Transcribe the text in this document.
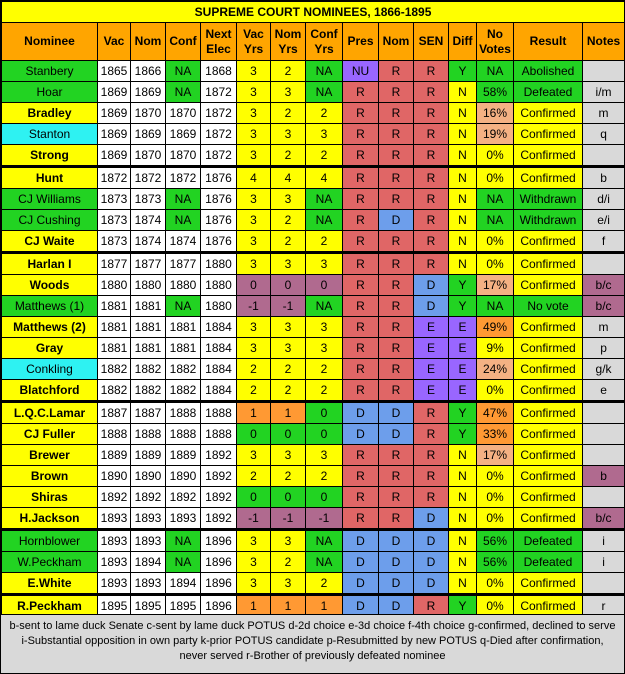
SUPREME COURT NOMINEES, 1866-1895														
Nominee	Vac	Nom	Conf	Next Elec	Vac Yrs	Nom Yrs	Conf Yrs	Pres	Nom	SEN	Diff	No Votes	Result	Notes
Stanbery	1865	1866	NA	1868	3	2	NA	NU	R	R	Y	NA	Abolished	
Hoar	1869	1869	NA	1872	3	3	NA	R	R	R	N	58%	Defeated	i/m
Bradley	1869	1870	1870	1872	3	2	2	R	R	R	N	16%	Confirmed	m
Stanton	1869	1869	1869	1872	3	3	3	R	R	R	N	19%	Confirmed	q
Strong	1869	1870	1870	1872	3	2	2	R	R	R	N	0%	Confirmed	
Hunt	1872	1872	1872	1876	4	4	4	R	R	R	N	0%	Confirmed	b
CJ Williams	1873	1873	NA	1876	3	3	NA	R	R	R	N	NA	Withdrawn	d/i
CJ Cushing	1873	1874	NA	1876	3	2	NA	R	D	R	N	NA	Withdrawn	e/i
CJ Waite	1873	1874	1874	1876	3	2	2	R	R	R	N	0%	Confirmed	f
Harlan I	1877	1877	1877	1880	3	3	3	R	R	R	N	0%	Confirmed	
Woods	1880	1880	1880	1880	0	0	0	R	R	D	Y	17%	Confirmed	b/c
Matthews (1)	1881	1881	NA	1880	-1	-1	NA	R	R	D	Y	NA	No vote	b/c
Matthews (2)	1881	1881	1881	1884	3	3	3	R	R	E	E	49%	Confirmed	m
Gray	1881	1881	1881	1884	3	3	3	R	R	E	E	9%	Confirmed	p
Conkling	1882	1882	1882	1884	2	2	2	R	R	E	E	24%	Confirmed	g/k
Blatchford	1882	1882	1882	1884	2	2	2	R	R	E	E	0%	Confirmed	e
L.Q.C.Lamar	1887	1887	1888	1888	1	1	0	D	D	R	Y	47%	Confirmed	
CJ Fuller	1888	1888	1888	1888	0	0	0	D	D	R	Y	33%	Confirmed	
Brewer	1889	1889	1889	1892	3	3	3	R	R	R	N	17%	Confirmed	
Brown	1890	1890	1890	1892	2	2	2	R	R	R	N	0%	Confirmed	b
Shiras	1892	1892	1892	1892	0	0	0	R	R	R	N	0%	Confirmed	
H.Jackson	1893	1893	1893	1892	-1	-1	-1	R	R	D	N	0%	Confirmed	b/c
Hornblower	1893	1893	NA	1896	3	3	NA	D	D	D	N	56%	Defeated	i
W.Peckham	1893	1894	NA	1896	3	2	NA	D	D	D	N	56%	Defeated	i
E.White	1893	1893	1894	1896	3	3	2	D	D	D	N	0%	Confirmed	
R.Peckham	1895	1895	1895	1896	1	1	1	D	D	R	Y	0%	Confirmed	r
b-sent to lame duck Senate c-sent by lame duck POTUS d-2d choice e-3d choice f-4th choice g-confirmed, declined to serve i-Substantial opposition in own party k-prior POTUS candidate p-Resubmitted by new POTUS q-Died after confirmation, never served r-Brother of previously defeated nominee
